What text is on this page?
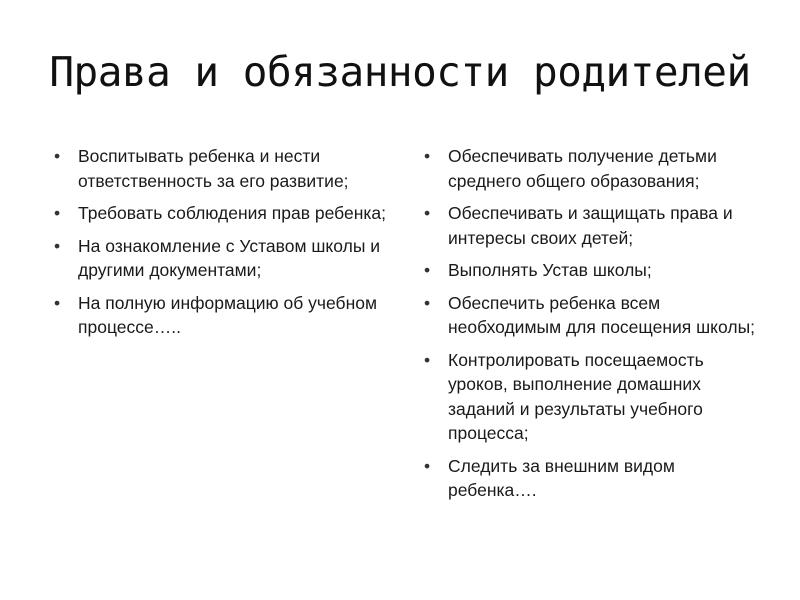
Права и обязанности родителей
•	Воспитывать ребенка и нести ответственность за его развитие;
•	Требовать соблюдения прав ребенка;
•	На ознакомление с Уставом школы и другими документами;
•	На полную информацию об учебном процессе…..
•	Обеспечивать получение детьми среднего общего образования;
•	Обеспечивать и защищать права и интересы своих детей;
•	Выполнять Устав школы;
•	Обеспечить ребенка всем необходимым для посещения школы;
•	Контролировать посещаемость уроков, выполнение домашних заданий и результаты учебного процесса;
•	Следить за внешним видом ребенка….
